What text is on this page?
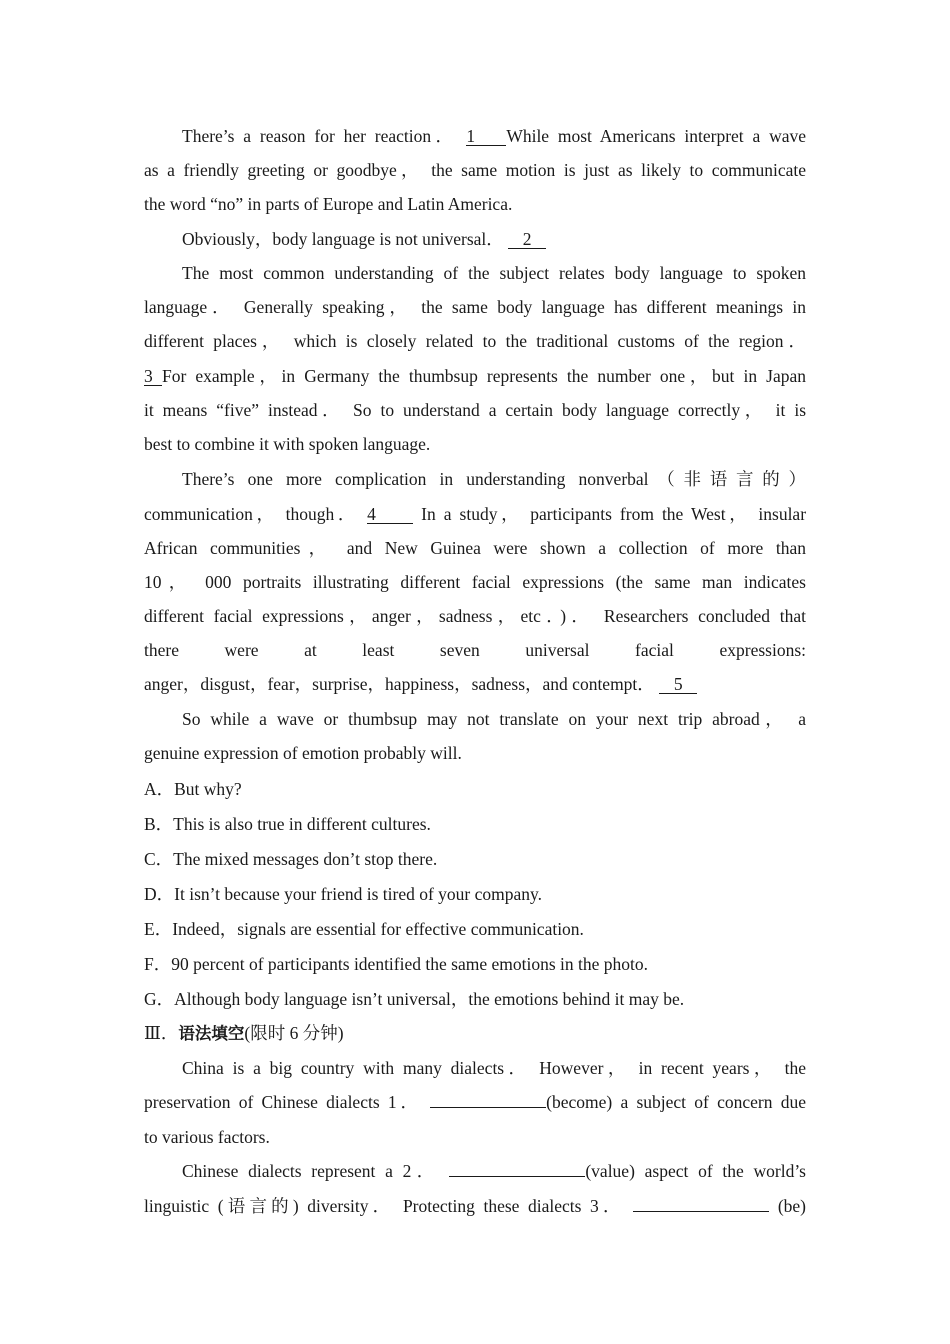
There’s a reason for her reaction． 1 While most Americans interpret a wave
as a friendly greeting or goodbye， the same motion is just as likely to communicate
the word “no” in parts of Europe and Latin America.
Obviously，body language is not universal． 2
The most common understanding of the subject relates body language to spoken
language． Generally speaking， the same body language has different meanings in
different places， which is closely related to the traditional customs of the region．
3 For example，in Germany the thumbsup represents the number one，but in Japan
it means “five” instead． So to understand a certain body language correctly， it is
best to combine it with spoken language.
There’s one more complication in understanding nonverbal（非语言的）
communication， though． 4	In a study， participants from the West， insular
African communities， and New Guinea were shown a collection of more than
10， 000 portraits illustrating different facial expressions (the same man indicates
different facial expressions，anger，sadness，etc．)． Researchers concluded that
there were at least seven universal facial expressions:
anger，disgust，fear，surprise，happiness，sadness，and contempt． 5
So while a wave or thumbsup may not translate on your next trip abroad， a
genuine expression of emotion probably will.
A．But why?
B．This is also true in different cultures.
C．The mixed messages don’t stop there.
D．It isn’t because your friend is tired of your company.
E．Indeed，signals are essential for effective communication.
F．90 percent of participants identified the same emotions in the photo.
G．Although body language isn’t universal，the emotions behind it may be.
Ⅲ．语法填空(限时 6 分钟)
China is a big country with many dialects． However， in recent years， the
preservation of Chinese dialects 1．	(become) a subject of concern due
to various factors.
Chinese dialects represent a 2．	(value) aspect of the world’s
linguistic (语言的) diversity． Protecting these dialects 3．	(be)
